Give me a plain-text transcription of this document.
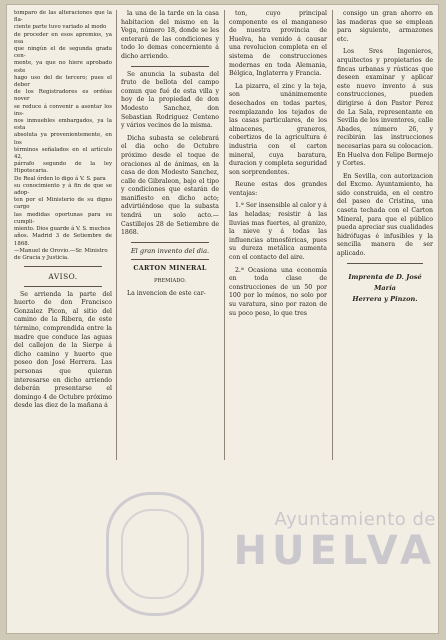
tomparo de las alteraciones que la fla-
ciente parte tuvo variado al modo
de proceder en esos apremios, ya esa
que ningún el de segunda gradu cen-
mente, ya que no hiere aprobado este
hago uso del de tercero; pues el deber
de los Registradores es ordéas nover
se reduce á convenir a asentar los ins-
nos inmuebles embargados, ya la esta
absoluta ya provenientemente, en los
términos señalados en el artículo 42,
párrafo segundo de la ley Hipotecaria.
De Real órden lo digo á V. S. para
su conocimiento y á fin de que se adop-
ten por el Ministerio de su digno cargo
las medidas oportunas para su cumpli-
miento. Dios guarde á V. S. muchos
años. Madrid 3 de Setiembre de 1868.
—Manuel de Orovio.—Sr. Ministro
de Gracia y Justicia.

AVISO.

Se arrienda la parte del huerto de don Francisco Gonzalez Picon, al sitio del camino de la Ribera, de este término, comprendida entre la madre que conduce las aguas del callejon de la Sierpe á dicho camino y huerto que poseo don José Herrera. Las personas que quieran interesarse en dicho arriendo deberán presentarse el domingo 4 de Octubre próximo desde las diez de la mañana á

la una de la tarde en la casa habitacion del mismo en la Vega, número 18, donde se les enterará de las condiciones y todo lo demas concerniente á dicho arriendo.

Se anuncia la subasta del fruto de bellota del campo comun que fué de esta villa y hoy de la propiedad de don Modesto Sanchez, don Sebastian Rodriguez Centeno y vários vecinos de la misma.

Dicha subasta se celebrará el dia ocho de Octubre próximo desde el toque de oraciones al de ánimas, en la casa de don Modesto Sanchez, calle de Gibraleon, bajo el tipo y condiciones que estarán de manifiesto en dicho acto; advirtiéndose que la subasta tendrá un solo acto.—Castillejos 28 de Setiembre de 1868.

El gran invento del dia.

CARTON MINERAL

PREMIADO.

La invencion de este car-

ton, cuyo principal componente es el manganeso de nuestra provincia de Huelva, ha venido á causar una revolucion completa en el sistema de construcciones modernas en toda Alemania, Bélgica, Inglaterra y Francia.

La pizarra, el zinc y la teja, son unánimemente desechados en todas partes, reemplazando los tejados de las casas particulares, de los almacenes, graneros, cobertizos de la agricultura é industria con el carton mineral, cuya baratura, duracion y completa seguridad son sorprendentes.

Reune estas dos grandes ventajas:

1.ª Ser insensible al calor y á las heladas; resistir á las lluvias mas fuertes, al granizo, la nieve y á todas las influencias atmosféricas, pues su dureza metálica aumenta con el contacto del aire.

2.ª Ocasiona una economía en toda clase de construcciones de un 50 por 100 por lo ménos, no solo por su varatura, sino por razon de su poco peso, lo que tres

consigo un gran ahorro en las maderas que se emplean para siguiente, armazones etc.

Los Sres Ingenieros, arquitectos y propietarios de fincas urbanas y rústicas que deseen examinar y aplicar este nuevo invento á sus construcciones, pueden dirigirse á don Pastor Perez de La Sala, representante en Sevilla de los inventores, calle Abades, número 26, y recibirán las instrucciones necesarias para su colocacion. En Huelva don Felipe Bermejo y Cortes.

En Sevilla, con autorizacion del Excmo. Ayuntamiento, ha sido construida, en el centro del paseo de Cristina, una caseta techada con el Carton Mineral, para que el público pueda apreciar sus cualidades hidrófugas é infusibles y la sencilla manera de ser aplicado.

Imprenta de D. José María
Herrera y Pinzon.
Ayuntamiento de
HUELVA
